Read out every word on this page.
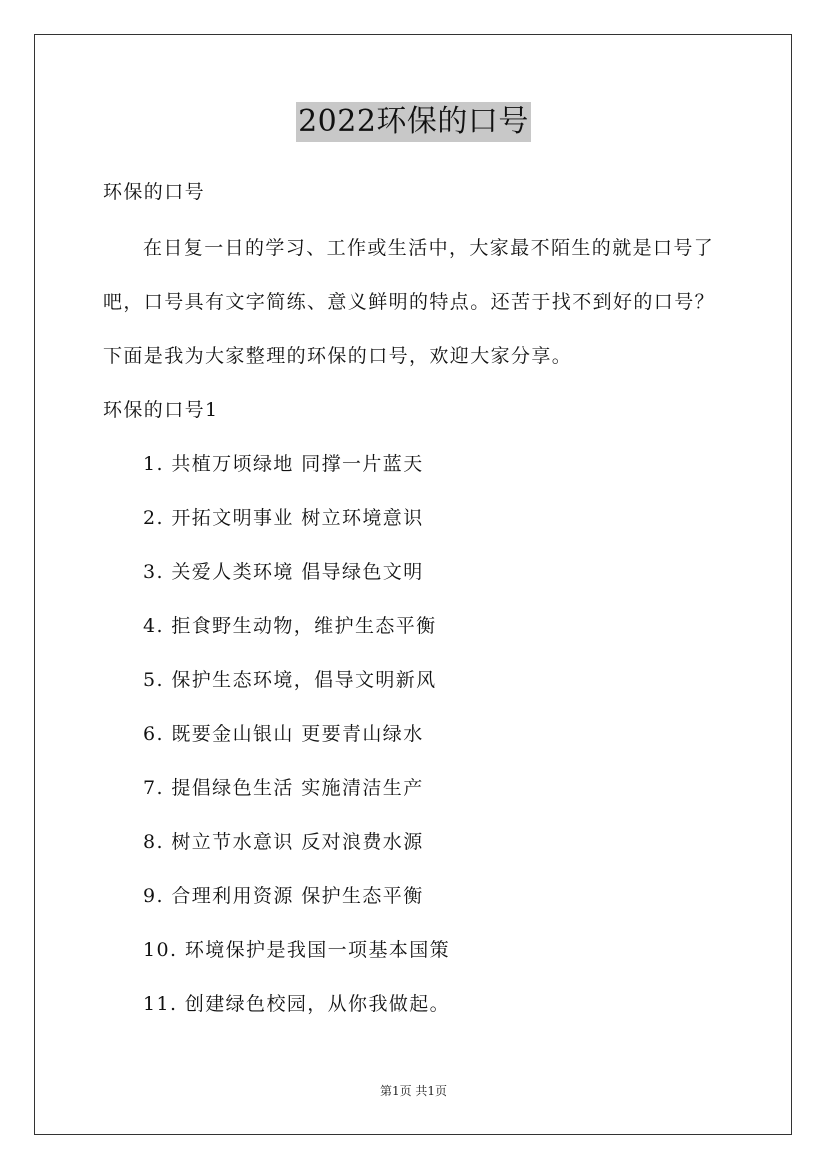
2022环保的口号
环保的口号
在日复一日的学习、工作或生活中，大家最不陌生的就是口号了
吧，口号具有文字简练、意义鲜明的特点。还苦于找不到好的口号？
下面是我为大家整理的环保的口号，欢迎大家分享。
环保的口号1
1. 共植万顷绿地 同撑一片蓝天
2. 开拓文明事业 树立环境意识
3. 关爱人类环境 倡导绿色文明
4. 拒食野生动物，维护生态平衡
5. 保护生态环境，倡导文明新风
6. 既要金山银山 更要青山绿水
7. 提倡绿色生活 实施清洁生产
8. 树立节水意识 反对浪费水源
9. 合理利用资源 保护生态平衡
10. 环境保护是我国一项基本国策
11. 创建绿色校园，从你我做起。
第1页 共1页
